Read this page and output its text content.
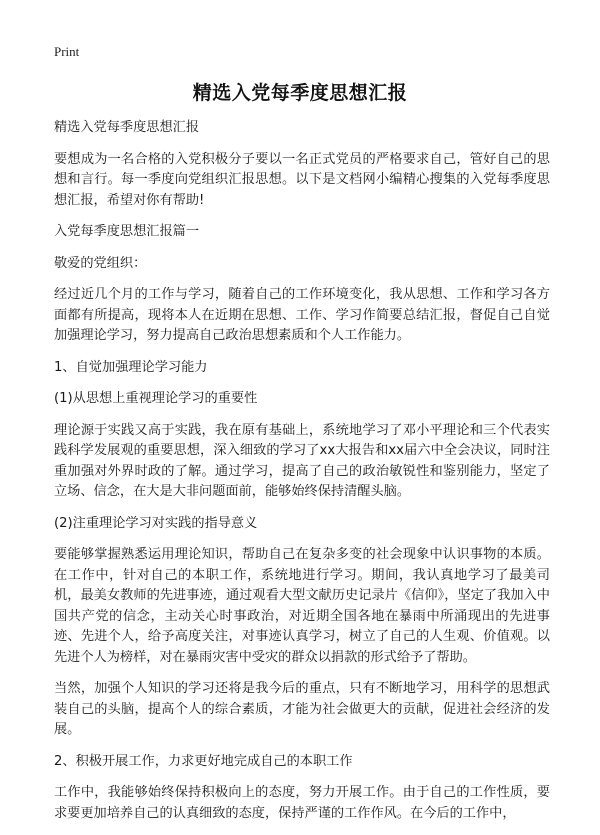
Print
精选入党每季度思想汇报

精选入党每季度思想汇报

要想成为一名合格的入党积极分子要以一名正式党员的严格要求自己，管好自己的思想和言行。每一季度向党组织汇报思想。以下是文档网小编精心搜集的入党每季度思想汇报，希望对你有帮助!

入党每季度思想汇报篇一

敬爱的党组织：

经过近几个月的工作与学习，随着自己的工作环境变化，我从思想、工作和学习各方面都有所提高，现将本人在近期在思想、工作、学习作简要总结汇报，督促自己自觉加强理论学习，努力提高自己政治思想素质和个人工作能力。

1、自觉加强理论学习能力

(1)从思想上重视理论学习的重要性

理论源于实践又高于实践，我在原有基础上，系统地学习了邓小平理论和三个代表实践科学发展观的重要思想，深入细致的学习了xx大报告和xx届六中全会决议，同时注重加强对外界时政的了解。通过学习，提高了自己的政治敏锐性和鉴别能力，坚定了立场、信念，在大是大非问题面前，能够始终保持清醒头脑。

(2)注重理论学习对实践的指导意义

要能够掌握熟悉运用理论知识，帮助自己在复杂多变的社会现象中认识事物的本质。在工作中，针对自己的本职工作，系统地进行学习。期间，我认真地学习了最美司机，最美女教师的先进事迹，通过观看大型文献历史记录片《信仰》，坚定了我加入中国共产党的信念，主动关心时事政治，对近期全国各地在暴雨中所涌现出的先进事迹、先进个人，给予高度关注，对事迹认真学习，树立了自己的人生观、价值观。以先进个人为榜样，对在暴雨灾害中受灾的群众以捐款的形式给予了帮助。

当然，加强个人知识的学习还将是我今后的重点，只有不断地学习，用科学的思想武装自己的头脑，提高个人的综合素质，才能为社会做更大的贡献，促进社会经济的发展。

2、积极开展工作，力求更好地完成自己的本职工作

工作中，我能够始终保持积极向上的态度，努力开展工作。由于自己的工作性质，要求要更加培养自己的认真细致的态度，保持严谨的工作作风。在今后的工作中，
